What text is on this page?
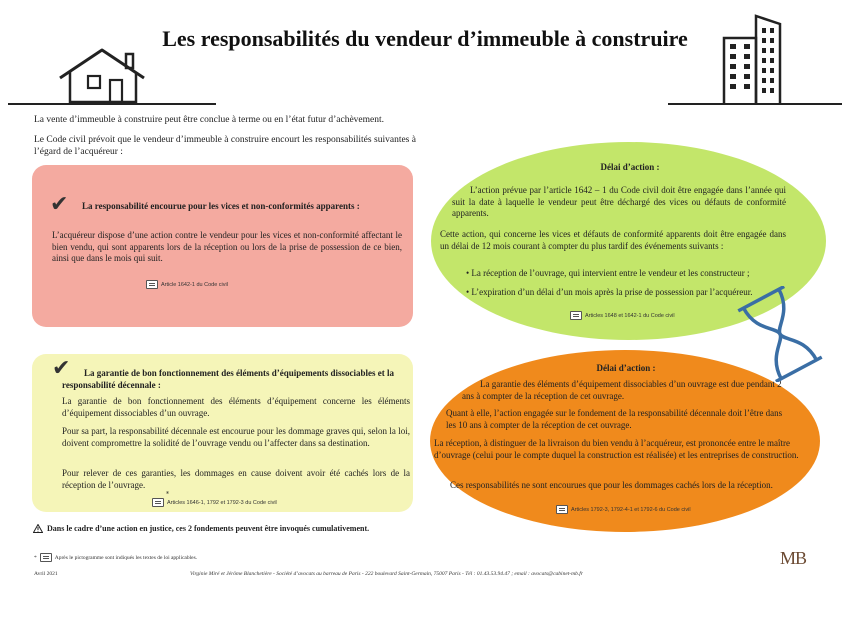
Les responsabilités du vendeur d’immeuble à construire
La vente d’immeuble à construire peut être conclue à terme ou en l’état futur d’achèvement.
Le Code civil prévoit que le vendeur d’immeuble à construire encourt les responsabilités suivantes à l’égard de l’acquéreur :
✔ La responsabilité encourue pour les vices et non-conformités apparents :
L’acquéreur dispose d’une action contre le vendeur pour les vices et non-conformité affectant le bien vendu, qui sont apparents lors de la réception ou lors de la prise de possession de ce bien, ainsi que dans le mois qui suit.
Article 1642-1 du Code civil
✔	La garantie de bon fonctionnement des éléments d’équipements dissociables et la responsabilité décennale :
La garantie de bon fonctionnement des éléments d’équipement concerne les éléments d’équipement dissociables d’un ouvrage.
Pour sa part, la responsabilité décennale est encourue pour les dommage graves qui, selon la loi, doivent compromettre la solidité de l’ouvrage vendu ou l’affecter dans sa destination.
Pour relever de ces garanties, les dommages en cause doivent avoir été cachés lors de la réception de l’ouvrage.
Articles 1646-1, 1792 et 1792-3 du Code civil
*
Délai d’action :
L’action prévue par l’article 1642 – 1 du Code civil doit être engagée dans l’année qui suit la date à laquelle le vendeur peut être déchargé des vices ou défauts de conformité apparents.
Cette action, qui concerne les vices et défauts de conformité apparents doit être engagée dans un délai de 12 mois courant à compter du plus tardif des événements suivants :
• La réception de l’ouvrage, qui intervient entre le vendeur et les constructeur ;
• L’expiration d’un délai d’un mois après la prise de possession par l’acquéreur.
Articles 1648 et 1642-1 du Code civil
Délai d’action :
La garantie des éléments d’équipement dissociables d’un ouvrage est due pendant 2 ans à compter de la réception de cet ouvrage.
Quant à elle, l’action engagée sur le fondement de la responsabilité décennale doit l’être dans les 10 ans à compter de la réception de cet ouvrage.
La réception, à distinguer de la livraison du bien vendu à l’acquéreur, est prononcée entre le maître d’ouvrage (celui pour le compte duquel la construction est réalisée) et les entreprises de construction.
Ces responsabilités ne sont encourues que pour les dommages cachés lors de la réception.
Articles 1792-3, 1792-4-1 et 1792-6 du Code civil
Dans le cadre d’une action en justice, ces 2 fondements peuvent être invoqués cumulativement.
*	Après le pictogramme sont indiqués les textes de loi applicables.
Avril 2021	Virginie Miré et Jérôme Blanchetière - Société d’avocats au barreau de Paris - 222 boulevard Saint-Germain, 75007 Paris - Tél : 01.43.53.94.47 ; email : avocats@cabinet-mb.fr
MB
